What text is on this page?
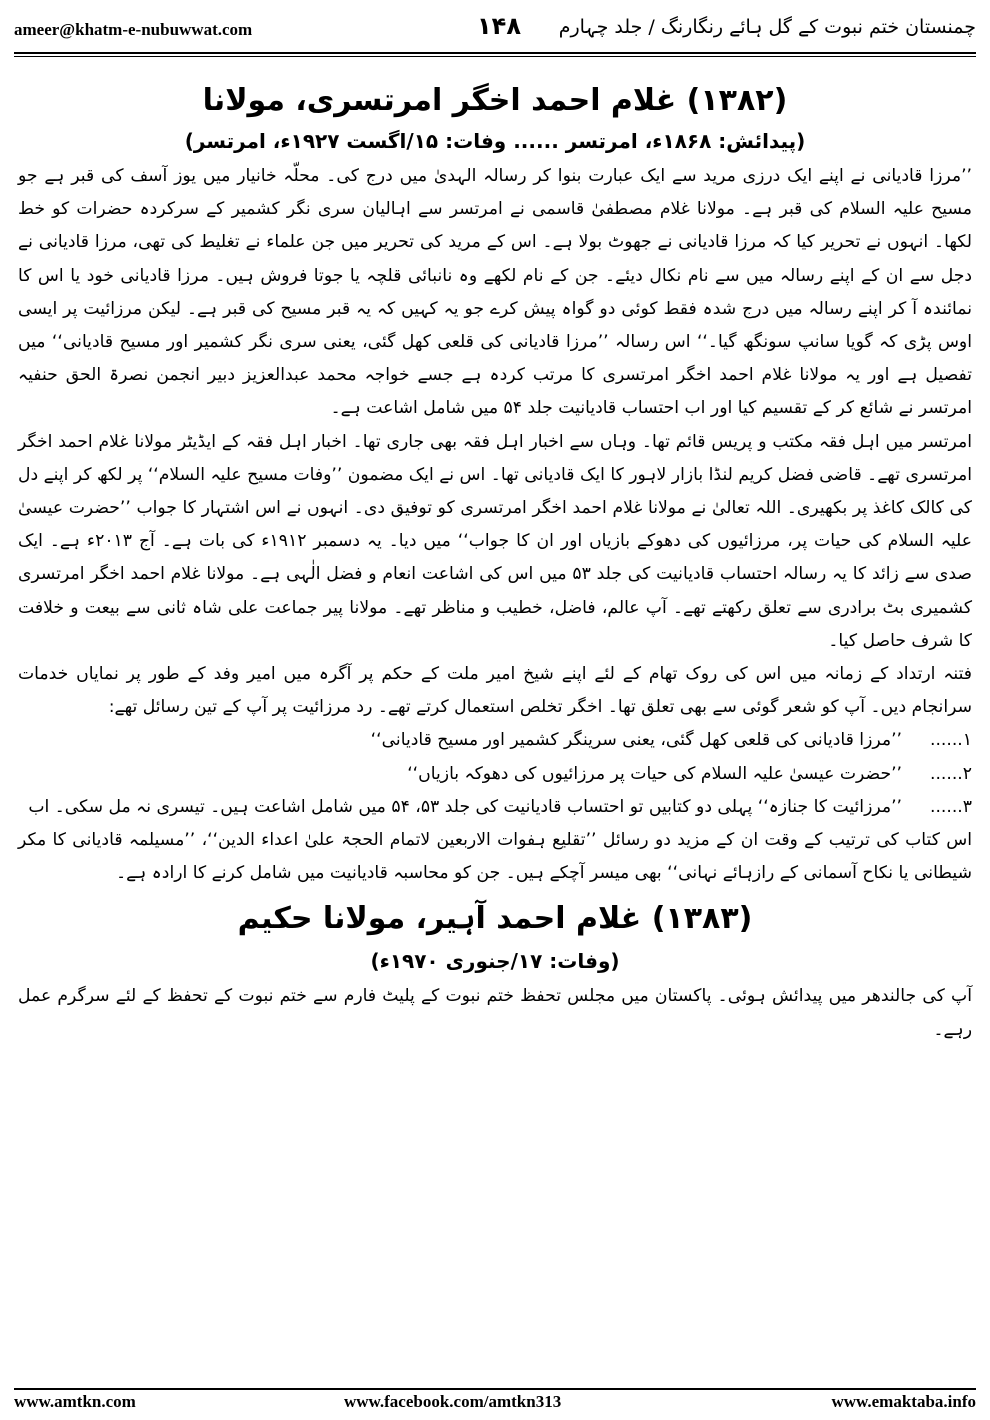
ameer@khatm-e-nubuwwat.com	۱۴۸	چمنستان ختم نبوت کے گل ہائے رنگارنگ / جلد چہارم
(۱۳۸۲) غلام احمد اخگر امرتسری، مولانا

(پیدائش: ۱۸۶۸ء، امرتسر ...... وفات: ۱۵/اگست ۱۹۲۷ء، امرتسر)

’’مرزا قادیانی نے اپنے ایک درزی مرید سے ایک عبارت بنوا کر رسالہ الہدیٰ میں درج کی۔ محلّہ خانیار میں یوز آسف کی قبر ہے جو مسیح علیہ السلام کی قبر ہے۔ مولانا غلام مصطفیٰ قاسمی نے امرتسر سے اہالیان سری نگر کشمیر کے سرکردہ حضرات کو خط لکھا۔ انہوں نے تحریر کیا کہ مرزا قادیانی نے جھوٹ بولا ہے۔ اس کے مرید کی تحریر میں جن علماء نے تغلیط کی تھی، مرزا قادیانی نے دجل سے ان کے اپنے رسالہ میں سے نام نکال دیئے۔ جن کے نام لکھے وہ نانبائی قلچہ یا جوتا فروش ہیں۔ مرزا قادیانی خود یا اس کا نمائندہ آ کر اپنے رسالہ میں درج شدہ فقط کوئی دو گواہ پیش کرے جو یہ کہیں کہ یہ قبر مسیح کی قبر ہے۔ لیکن مرزائیت پر ایسی اوس پڑی کہ گویا سانپ سونگھ گیا۔‘‘ اس رسالہ ’’مرزا قادیانی کی قلعی کھل گئی، یعنی سری نگر کشمیر اور مسیح قادیانی‘‘ میں تفصیل ہے اور یہ مولانا غلام احمد اخگر امرتسری کا مرتب کردہ ہے جسے خواجہ محمد عبدالعزیز دبیر انجمن نصرۃ الحق حنفیہ امرتسر نے شائع کر کے تقسیم کیا اور اب احتساب قادیانیت جلد ۵۴ میں شامل اشاعت ہے۔

امرتسر میں اہل فقہ مکتب و پریس قائم تھا۔ وہاں سے اخبار اہل فقہ بھی جاری تھا۔ اخبار اہل فقہ کے ایڈیٹر مولانا غلام احمد اخگر امرتسری تھے۔ قاضی فضل کریم لنڈا بازار لاہور کا ایک قادیانی تھا۔ اس نے ایک مضمون ’’وفات مسیح علیہ السلام‘‘ پر لکھ کر اپنے دل کی کالک کاغذ پر بکھیری۔ اللہ تعالیٰ نے مولانا غلام احمد اخگر امرتسری کو توفیق دی۔ انہوں نے اس اشتہار کا جواب ’’حضرت عیسیٰ علیہ السلام کی حیات پر، مرزائیوں کی دھوکے بازیاں اور ان کا جواب‘‘ میں دیا۔ یہ دسمبر ۱۹۱۲ء کی بات ہے۔ آج ۲۰۱۳ء ہے۔ ایک صدی سے زائد کا یہ رسالہ احتساب قادیانیت کی جلد ۵۳ میں اس کی اشاعت انعام و فضل الٰہی ہے۔ مولانا غلام احمد اخگر امرتسری کشمیری بٹ برادری سے تعلق رکھتے تھے۔ آپ عالم، فاضل، خطیب و مناظر تھے۔ مولانا پیر جماعت علی شاہ ثانی سے بیعت و خلافت کا شرف حاصل کیا۔

فتنہ ارتداد کے زمانہ میں اس کی روک تھام کے لئے اپنے شیخ امیر ملت کے حکم پر آگرہ میں امیر وفد کے طور پر نمایاں خدمات سرانجام دیں۔ آپ کو شعر گوئی سے بھی تعلق تھا۔ اخگر تخلص استعمال کرتے تھے۔ رد مرزائیت پر آپ کے تین رسائل تھے:

۱......
’’مرزا قادیانی کی قلعی کھل گئی، یعنی سرینگر کشمیر اور مسیح قادیانی‘‘
۲......
’’حضرت عیسیٰ علیہ السلام کی حیات پر مرزائیوں کی دھوکہ بازیاں‘‘
۳......
’’مرزائیت کا جنازہ‘‘ پہلی دو کتابیں تو احتساب قادیانیت کی جلد ۵۳، ۵۴ میں شامل اشاعت ہیں۔ تیسری نہ مل سکی۔ اب

اس کتاب کی ترتیب کے وقت ان کے مزید دو رسائل ’’تقلیع ہفوات الاربعین لاتمام الحجۃ علیٰ اعداء الدین‘‘، ’’مسیلمہ قادیانی کا مکر شیطانی یا نکاح آسمانی کے رازہائے نہانی‘‘ بھی میسر آچکے ہیں۔ جن کو محاسبہ قادیانیت میں شامل کرنے کا ارادہ ہے۔

(۱۳۸۳) غلام احمد آہیر، مولانا حکیم

(وفات: ۱۷/جنوری ۱۹۷۰ء)

آپ کی جالندھر میں پیدائش ہوئی۔ پاکستان میں مجلس تحفظ ختم نبوت کے پلیٹ فارم سے ختم نبوت کے تحفظ کے لئے سرگرم عمل رہے۔

www.amtkn.com	www.facebook.com/amtkn313	www.emaktaba.info
